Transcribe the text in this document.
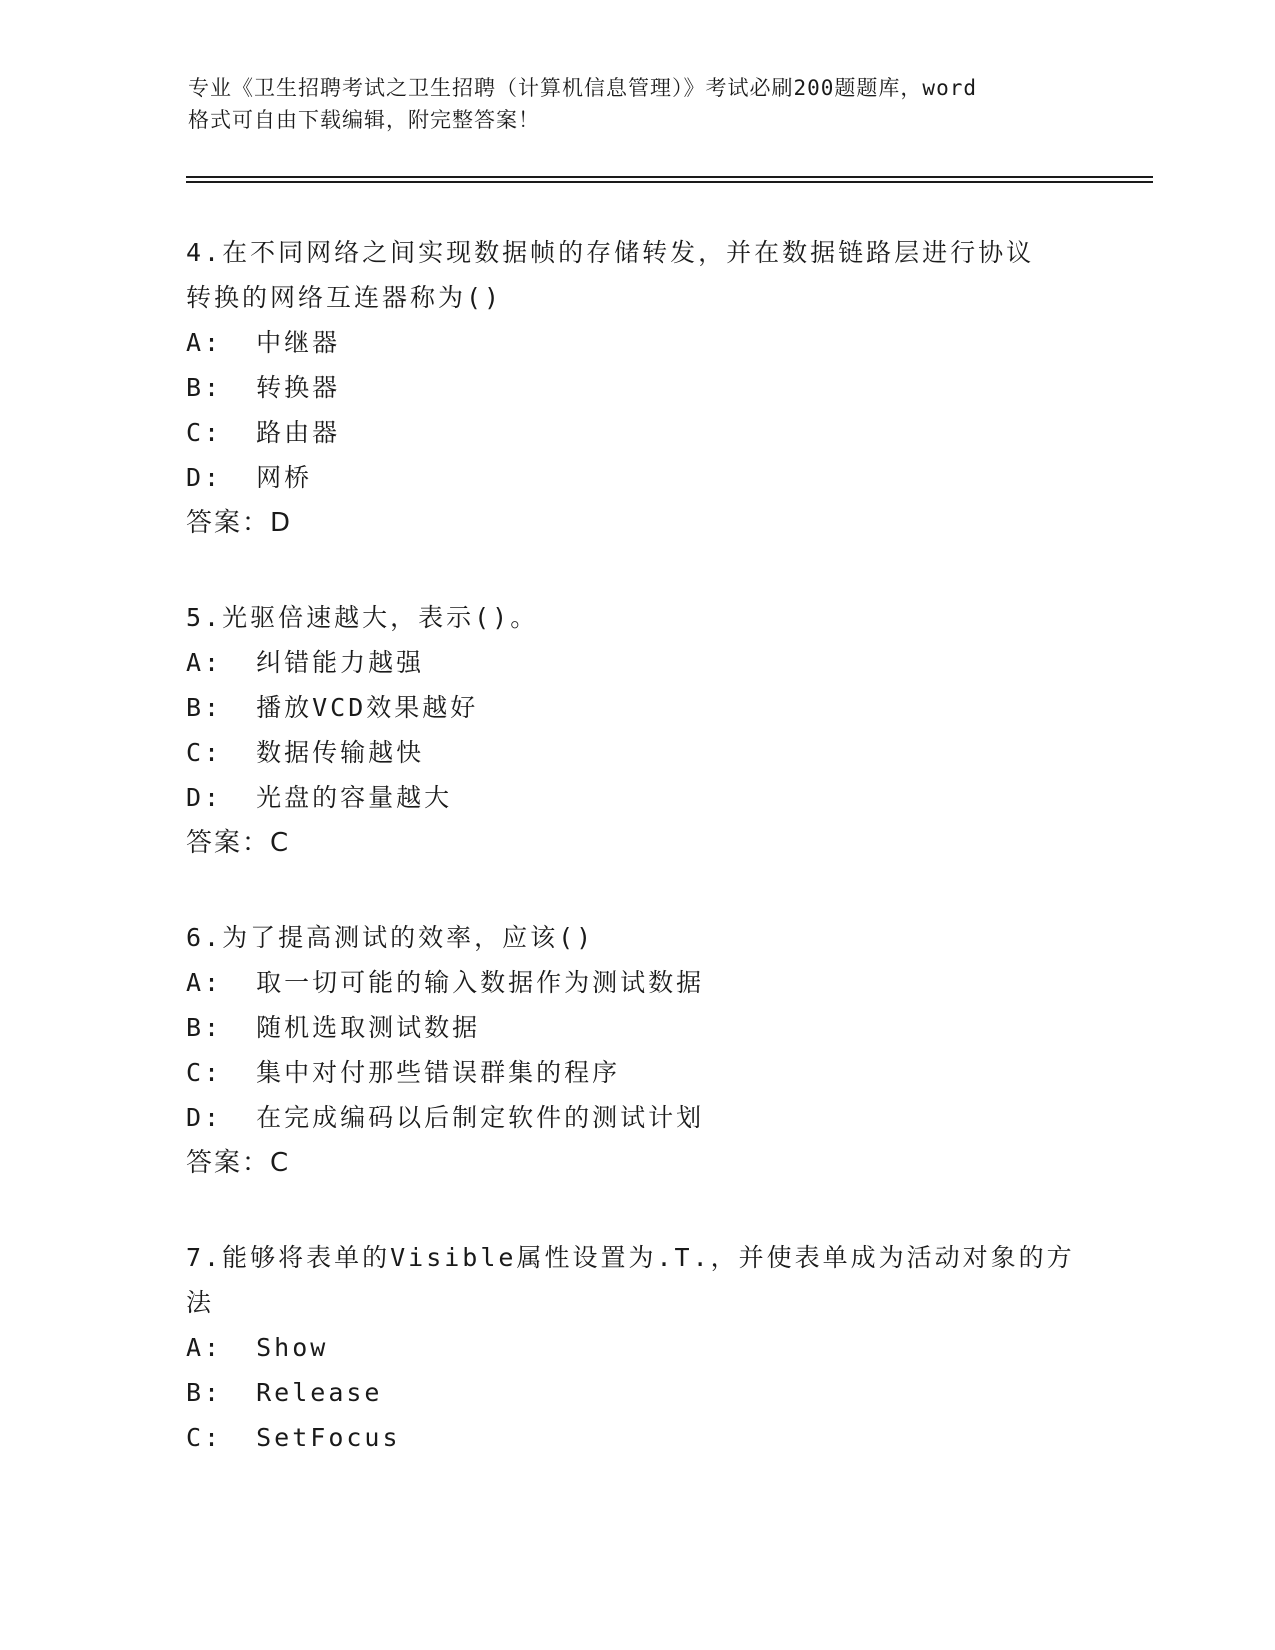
专业《卫生招聘考试之卫生招聘（计算机信息管理）》考试必刷200题题库，word
格式可自由下载编辑，附完整答案！
4.在不同网络之间实现数据帧的存储转发，并在数据链路层进行协议
转换的网络互连器称为()
A: 中继器
B: 转换器
C: 路由器
D: 网桥
答案：D
5.光驱倍速越大，表示()。
A: 纠错能力越强
B: 播放VCD效果越好
C: 数据传输越快
D: 光盘的容量越大
答案：C
6.为了提高测试的效率，应该()
A: 取一切可能的输入数据作为测试数据
B: 随机选取测试数据
C: 集中对付那些错误群集的程序
D: 在完成编码以后制定软件的测试计划
答案：C
7.能够将表单的Visible属性设置为.T.，并使表单成为活动对象的方
法
A: Show
B: Release
C: SetFocus
